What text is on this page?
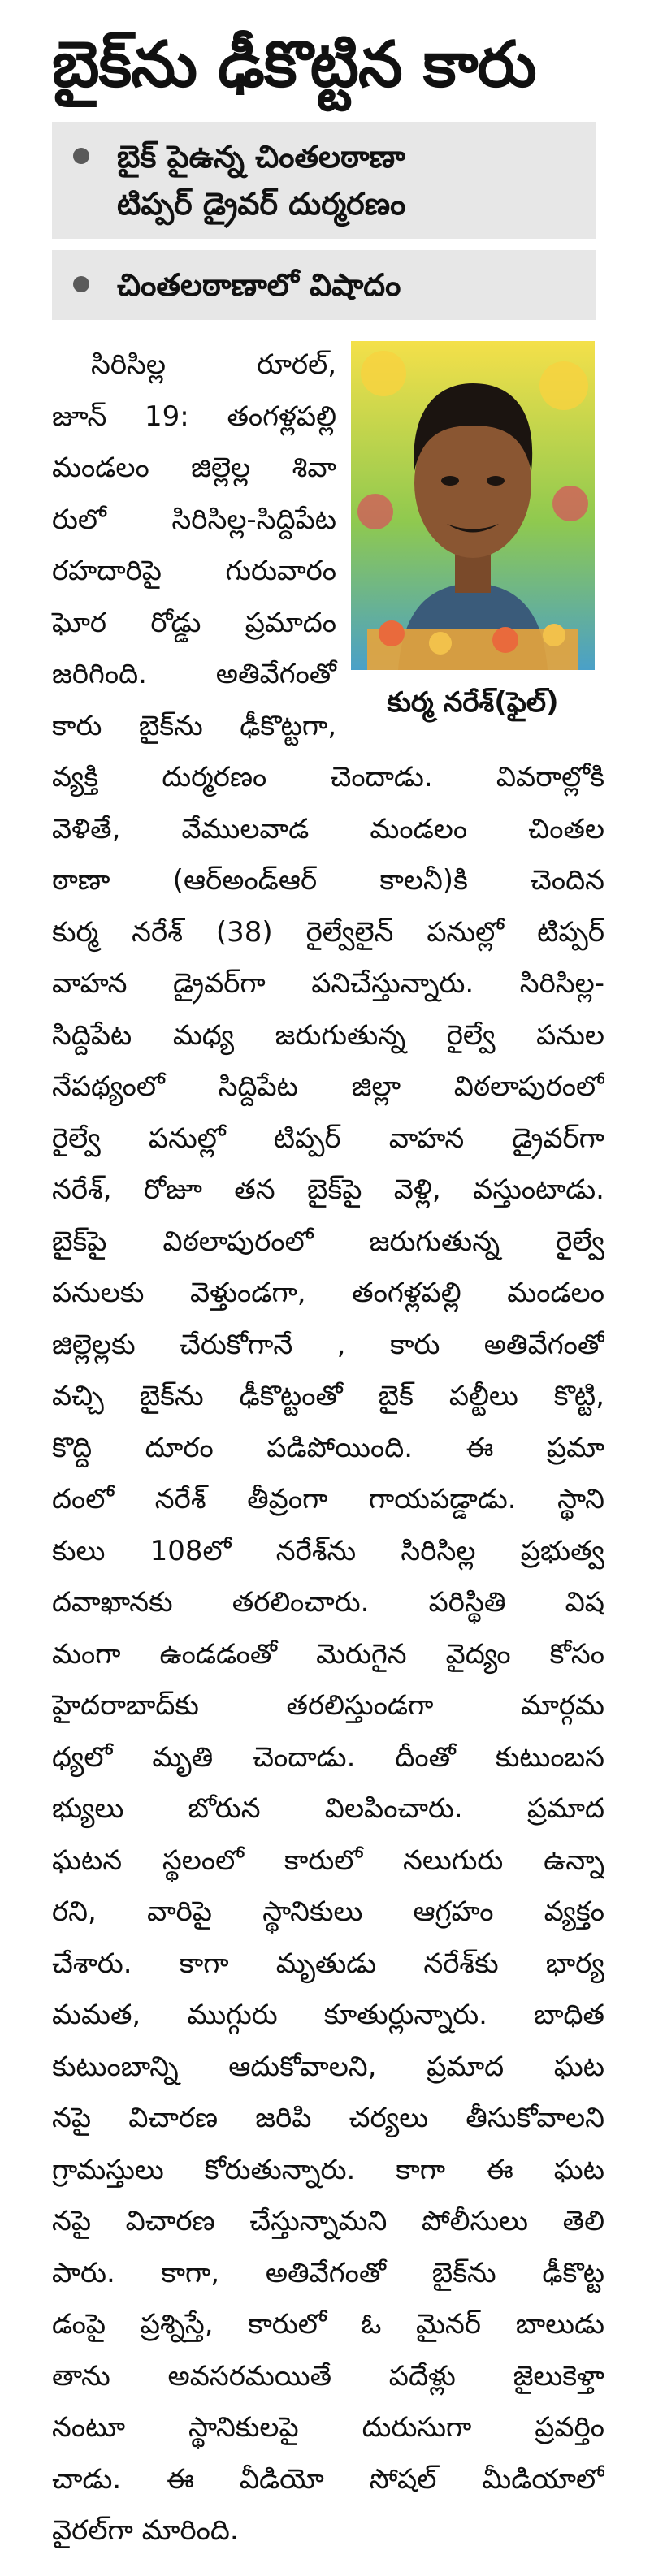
బైక్‌ను ఢీకొట్టిన కారు
బైక్ పైఉన్న చింతలఠాణా
టిప్పర్ డ్రైవర్ దుర్మరణం
చింతలఠాణాలో విషాదం
కుర్మ నరేశ్(ఫైల్)
సిరిసిల్ల రూరల్,
జూన్ 19: తంగళ్లపల్లి
మండలం జిల్లెల్ల శివా
రులో సిరిసిల్ల-సిద్దిపేట
రహదారిపై గురువారం
ఘోర రోడ్డు ప్రమాదం
జరిగింది. అతివేగంతో
కారు బైక్‌ను ఢీకొట్టగా,
వ్యక్తి దుర్మరణం చెందాడు. వివరాల్లోకి
వెళితే, వేములవాడ మండలం చింతల
ఠాణా (ఆర్అండ్ఆర్ కాలనీ)కి చెందిన
కుర్మ నరేశ్ (38) రైల్వేలైన్ పనుల్లో టిప్పర్
వాహన డ్రైవర్‌గా పనిచేస్తున్నారు. సిరిసిల్ల-
సిద్దిపేట మధ్య జరుగుతున్న రైల్వే పనుల
నేపథ్యంలో సిద్దిపేట జిల్లా విఠలాపురంలో
రైల్వే పనుల్లో టిప్పర్ వాహన డ్రైవర్‌గా
నరేశ్, రోజూ తన బైక్‌పై వెళ్లి, వస్తుంటాడు.
బైక్‌పై విఠలాపురంలో జరుగుతున్న రైల్వే
పనులకు వెళ్తుండగా, తంగళ్లపల్లి మండలం
జిల్లెల్లకు చేరుకోగానే , కారు అతివేగంతో
వచ్చి బైక్‌ను ఢీకొట్టంతో బైక్ పల్టీలు కొట్టి,
కొద్ది దూరం పడిపోయింది. ఈ ప్రమా
దంలో నరేశ్ తీవ్రంగా గాయపడ్డాడు. స్థాని
కులు 108లో నరేశ్‌ను సిరిసిల్ల ప్రభుత్వ
దవాఖానకు తరలించారు. పరిస్థితి విష
మంగా ఉండడంతో మెరుగైన వైద్యం కోసం
హైదరాబాద్‌కు తరలిస్తుండగా మార్గమ
ధ్యలో మృతి చెందాడు. దీంతో కుటుంబస
భ్యులు బోరున విలపించారు. ప్రమాద
ఘటన స్థలంలో కారులో నలుగురు ఉన్నా
రని, వారిపై స్థానికులు ఆగ్రహం వ్యక్తం
చేశారు. కాగా మృతుడు నరేశ్‌కు భార్య
మమత, ముగ్గురు కూతుర్లున్నారు. బాధిత
కుటుంబాన్ని ఆదుకోవాలని, ప్రమాద ఘట
నపై విచారణ జరిపి చర్యలు తీసుకోవాలని
గ్రామస్తులు కోరుతున్నారు. కాగా ఈ ఘట
నపై విచారణ చేస్తున్నామని పోలీసులు తెలి
పారు. కాగా, అతివేగంతో బైక్‌ను ఢీకొట్ట
డంపై ప్రశ్నిస్తే, కారులో ఓ మైనర్ బాలుడు
తాను అవసరమయితే పదేళ్లు జైలుకెళ్తా
నంటూ స్థానికులపై దురుసుగా ప్రవర్తిం
చాడు. ఈ వీడియో సోషల్ మీడియాలో
వైరల్‌గా మారింది.
